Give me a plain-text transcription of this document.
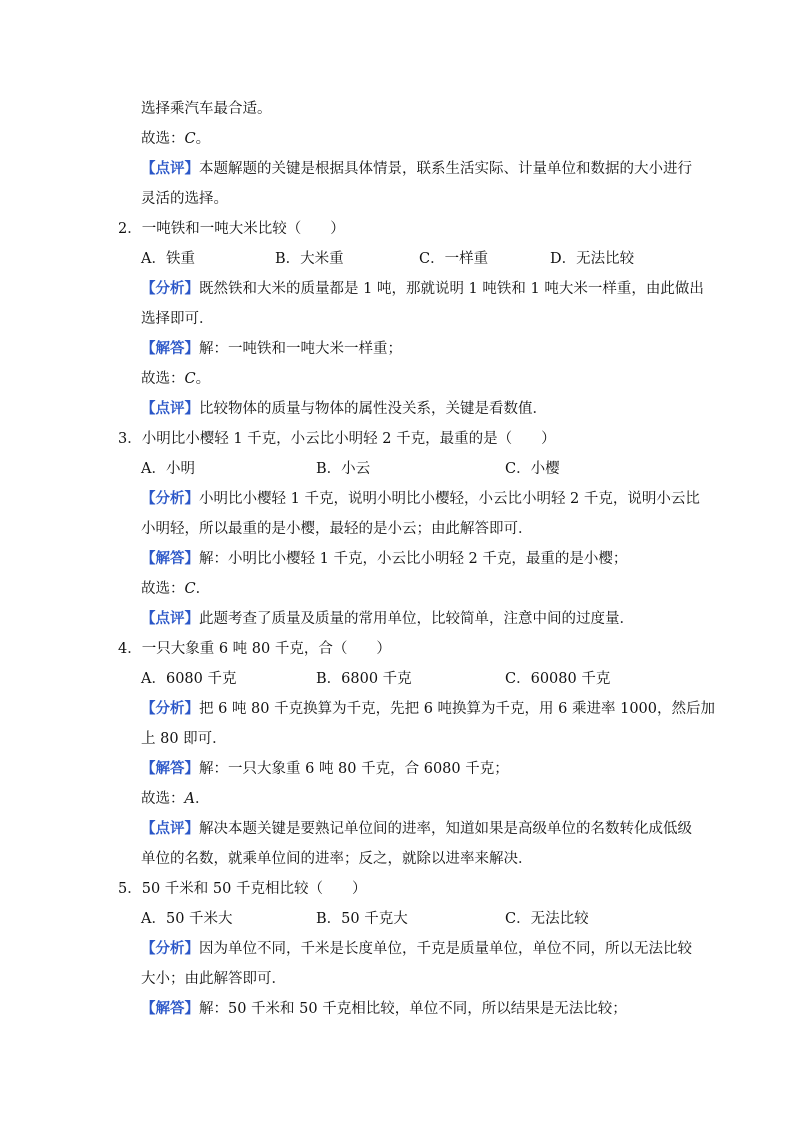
选择乘汽车最合适。
故选：C。
【点评】本题解题的关键是根据具体情景，联系生活实际、计量单位和数据的大小进行
灵活的选择。
2．一吨铁和一吨大米比较（　　）
A．铁重	B．大米重	C．一样重	D．无法比较
【分析】既然铁和大米的质量都是 1 吨，那就说明 1 吨铁和 1 吨大米一样重，由此做出
选择即可．
【解答】解：一吨铁和一吨大米一样重；
故选：C。
【点评】比较物体的质量与物体的属性没关系，关键是看数值．
3．小明比小樱轻 1 千克，小云比小明轻 2 千克，最重的是（　　）
A．小明	B．小云	C．小樱
【分析】小明比小樱轻 1 千克，说明小明比小樱轻，小云比小明轻 2 千克，说明小云比
小明轻，所以最重的是小樱，最轻的是小云；由此解答即可．
【解答】解：小明比小樱轻 1 千克，小云比小明轻 2 千克，最重的是小樱；
故选：C．
【点评】此题考查了质量及质量的常用单位，比较简单，注意中间的过度量．
4．一只大象重 6 吨 80 千克，合（　　）
A．6080 千克	B．6800 千克	C．60080 千克
【分析】把 6 吨 80 千克换算为千克，先把 6 吨换算为千克，用 6 乘进率 1000，然后加
上 80 即可．
【解答】解：一只大象重 6 吨 80 千克，合 6080 千克；
故选：A．
【点评】解决本题关键是要熟记单位间的进率，知道如果是高级单位的名数转化成低级
单位的名数，就乘单位间的进率；反之，就除以进率来解决．
5．50 千米和 50 千克相比较（　　）
A．50 千米大	B．50 千克大	C．无法比较
【分析】因为单位不同，千米是长度单位，千克是质量单位，单位不同，所以无法比较
大小；由此解答即可．
【解答】解：50 千米和 50 千克相比较，单位不同，所以结果是无法比较；
